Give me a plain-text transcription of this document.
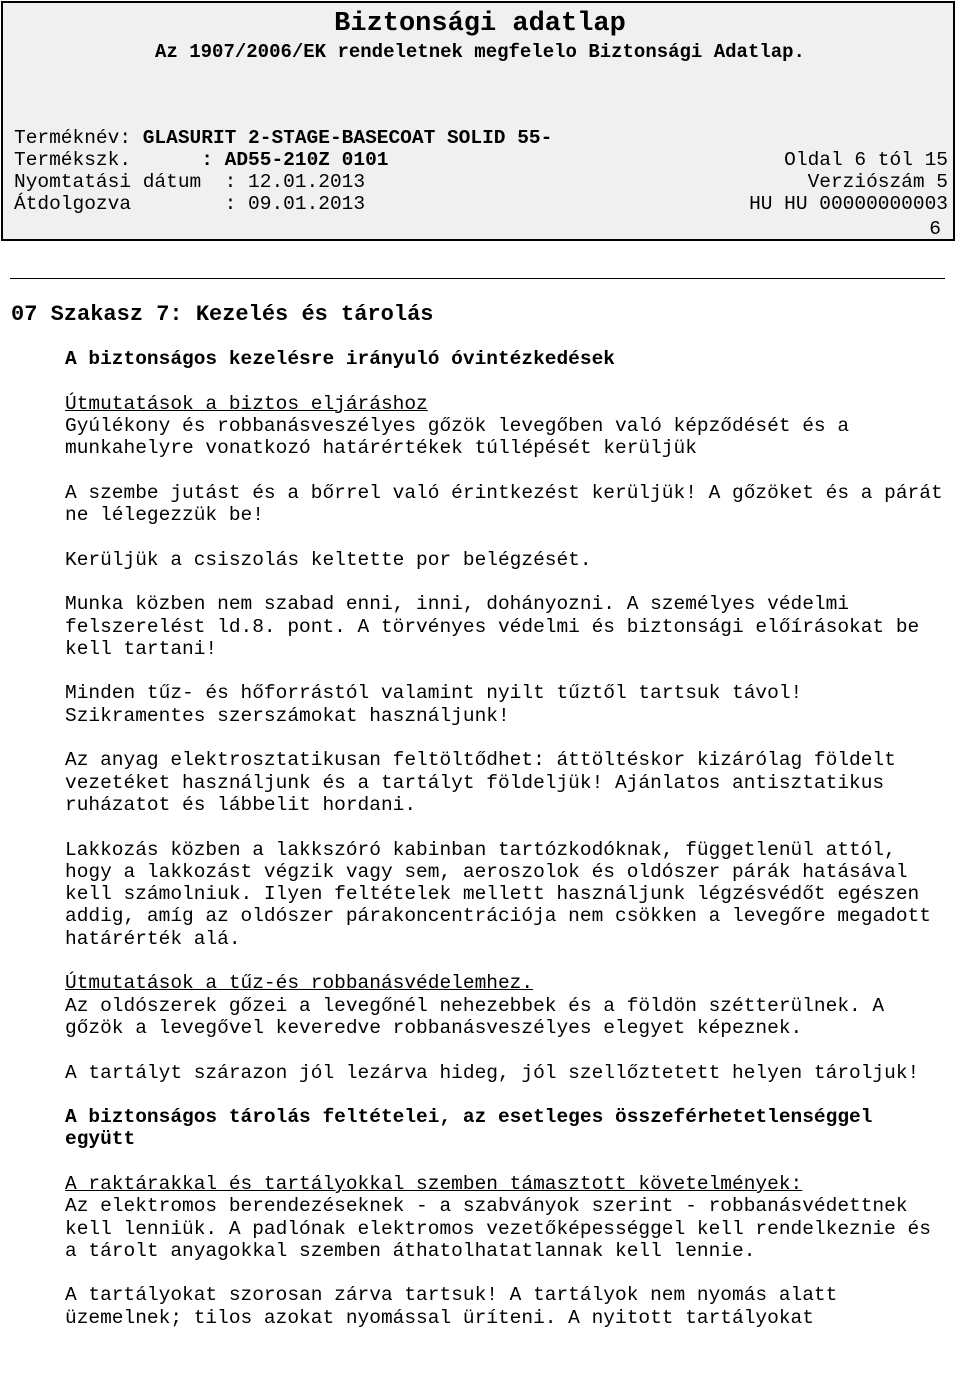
Biztonsági adatlap
Az 1907/2006/EK rendeletnek megfelelo Biztonsági Adatlap.
Terméknév: GLASURIT 2-STAGE-BASECOAT SOLID 55-
Termékszk.	: AD55-210Z 0101	Oldal 6 tól 15
Nyomtatási dátum : 12.01.2013	Verziószám 5
Átdolgozva	: 09.01.2013	HU HU 00000000003
6
07 Szakasz 7: Kezelés és tárolás
A biztonságos kezelésre irányuló óvintézkedések
Útmutatások a biztos eljáráshoz
Gyúlékony és robbanásveszélyes gőzök levegőben való képződését és a munkahelyre vonatkozó határértékek túllépését kerüljük

A szembe jutást és a bőrrel való érintkezést kerüljük! A gőzöket és a párát ne lélegezzük be!

Kerüljük a csiszolás keltette por belégzését.

Munka közben nem szabad enni, inni, dohányozni. A személyes védelmi felszerelést ld.8. pont. A törvényes védelmi és biztonsági előírásokat be kell tartani!

Minden tűz- és hőforrástól valamint nyilt tűztől tartsuk távol! Szikramentes szerszámokat használjunk!

Az anyag elektrosztatikusan feltöltődhet: áttöltéskor kizárólag földelt vezetéket használjunk és a tartályt földeljük! Ajánlatos antisztatikus ruházatot és lábbelit hordani.

Lakkozás közben a lakkszóró kabinban tartózkodóknak, függetlenül attól, hogy a lakkozást végzik vagy sem, aeroszolok és oldószer párák hatásával kell számolniuk. Ilyen feltételek mellett használjunk légzésvédőt egészen addig, amíg az oldószer párakoncentrációja nem csökken a levegőre megadott határérték alá.

Útmutatások a tűz-és robbanásvédelemhez.
Az oldószerek gőzei a levegőnél nehezebbek és a földön szétterülnek. A gőzök a levegővel keveredve robbanásveszélyes elegyet képeznek.

A tartályt szárazon jól lezárva hideg, jól szellőztetett helyen tároljuk!

A biztonságos tárolás feltételei, az esetleges összeférhetetlenséggel együtt
A raktárakkal és tartályokkal szemben támasztott követelmények:
Az elektromos berendezéseknek - a szabványok szerint - robbanásvédettnek kell lenniük. A padlónak elektromos vezetőképességgel kell rendelkeznie és a tárolt anyagokkal szemben áthatolhatatlannak kell lennie.

A tartályokat szorosan zárva tartsuk! A tartályok nem nyomás alatt üzemelnek; tilos azokat nyomással üríteni. A nyitott tartályokat
